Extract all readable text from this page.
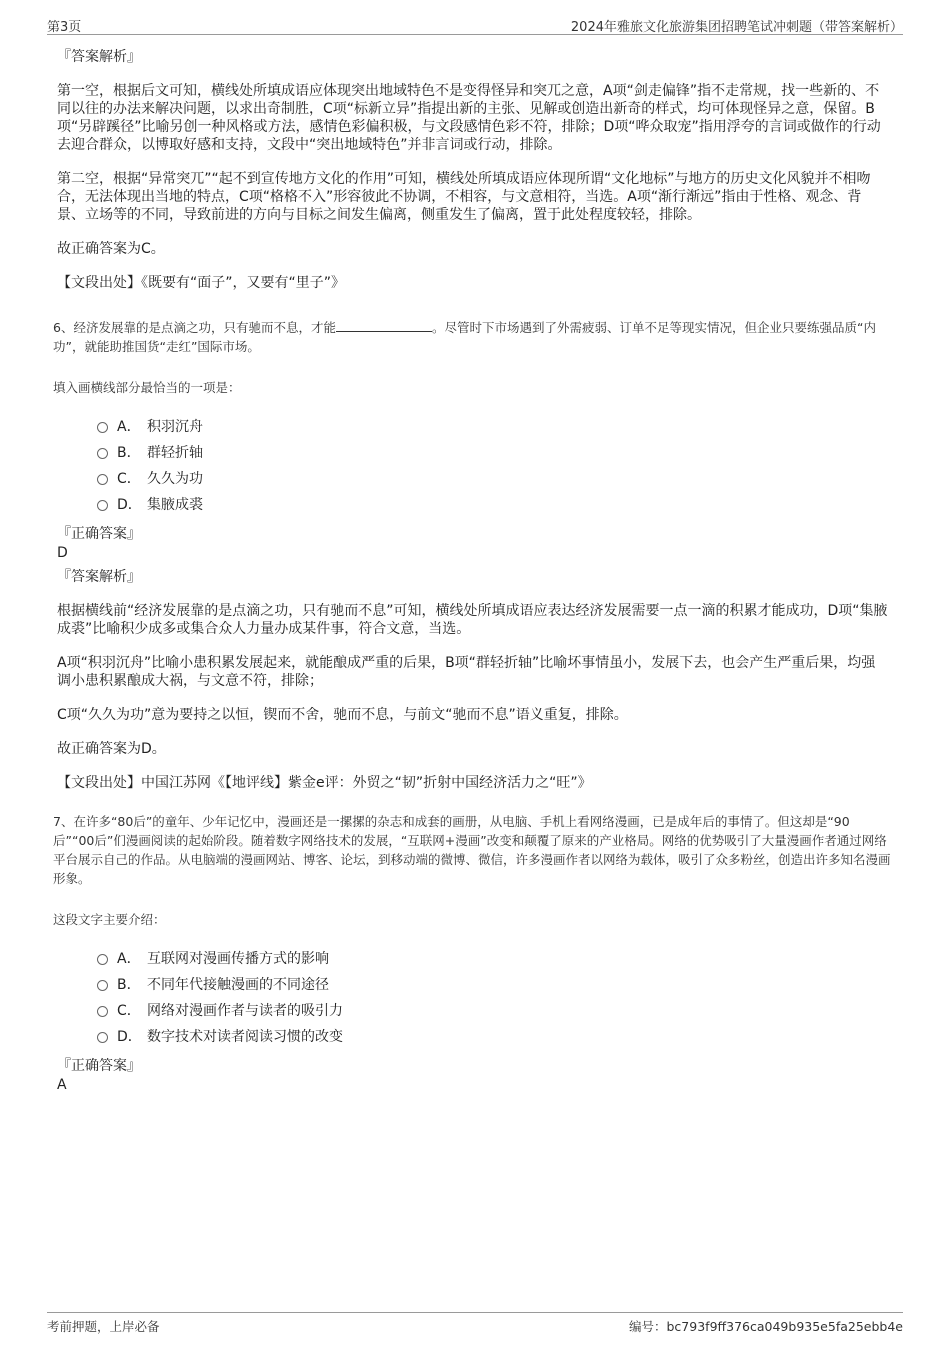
第3页	2024年雅旅文化旅游集团招聘笔试冲刺题（带答案解析）

『答案解析』

第一空，根据后文可知，横线处所填成语应体现突出地域特色不是变得怪异和突兀之意，A项“剑走偏锋”指不走常规，找一些新的、不同以往的办法来解决问题，以求出奇制胜，C项“标新立异”指提出新的主张、见解或创造出新奇的样式，均可体现怪异之意，保留。B项“另辟蹊径”比喻另创一种风格或方法，感情色彩偏积极，与文段感情色彩不符，排除；D项“哗众取宠”指用浮夸的言词或做作的行动去迎合群众，以博取好感和支持，文段中“突出地域特色”并非言词或行动，排除。

第二空，根据“异常突兀”“起不到宣传地方文化的作用”可知，横线处所填成语应体现所谓“文化地标”与地方的历史文化风貌并不相吻合，无法体现出当地的特点，C项“格格不入”形容彼此不协调，不相容，与文意相符，当选。A项“渐行渐远”指由于性格、观念、背景、立场等的不同，导致前进的方向与目标之间发生偏离，侧重发生了偏离，置于此处程度较轻，排除。

故正确答案为C。

【文段出处】《既要有“面子”，又要有“里子”》

6、经济发展靠的是点滴之功，只有驰而不息，才能	。尽管时下市场遇到了外需疲弱、订单不足等现实情况，但企业只要练强品质“内功”，就能助推国货“走红”国际市场。

填入画横线部分最恰当的一项是：

A． 积羽沉舟
B． 群轻折轴
C． 久久为功
D． 集腋成裘

『正确答案』

D

『答案解析』

根据横线前“经济发展靠的是点滴之功，只有驰而不息”可知，横线处所填成语应表达经济发展需要一点一滴的积累才能成功，D项“集腋成裘”比喻积少成多或集合众人力量办成某件事，符合文意，当选。

A项“积羽沉舟”比喻小患积累发展起来，就能酿成严重的后果，B项“群轻折轴”比喻坏事情虽小，发展下去，也会产生严重后果，均强调小患积累酿成大祸，与文意不符，排除；

C项“久久为功”意为要持之以恒，锲而不舍，驰而不息，与前文“驰而不息”语义重复，排除。

故正确答案为D。

【文段出处】中国江苏网《【地评线】紫金e评：外贸之“韧”折射中国经济活力之“旺”》

7、在许多“80后”的童年、少年记忆中，漫画还是一摞摞的杂志和成套的画册，从电脑、手机上看网络漫画，已是成年后的事情了。但这却是“90后”“00后”们漫画阅读的起始阶段。随着数字网络技术的发展，“互联网+漫画”改变和颠覆了原来的产业格局。网络的优势吸引了大量漫画作者通过网络平台展示自己的作品。从电脑端的漫画网站、博客、论坛，到移动端的微博、微信，许多漫画作者以网络为载体，吸引了众多粉丝，创造出许多知名漫画形象。

这段文字主要介绍：

A． 互联网对漫画传播方式的影响
B． 不同年代接触漫画的不同途径
C． 网络对漫画作者与读者的吸引力
D． 数字技术对读者阅读习惯的改变

『正确答案』

A

考前押题，上岸必备	编号：bc793f9ff376ca049b935e5fa25ebb4e
